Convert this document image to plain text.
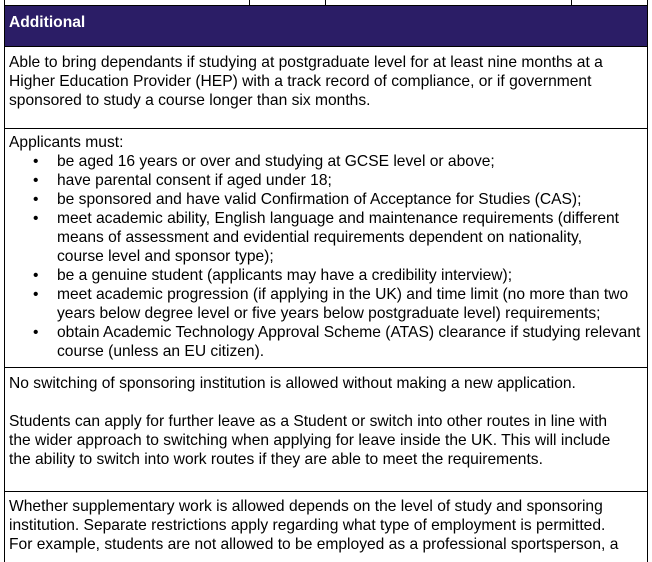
Additional
Able to bring dependants if studying at postgraduate level for at least nine months at a
Higher Education Provider (HEP) with a track record of compliance, or if government
sponsored to study a course longer than six months.
Applicants must:
• be aged 16 years or over and studying at GCSE level or above;
• have parental consent if aged under 18;
• be sponsored and have valid Confirmation of Acceptance for Studies (CAS);
• meet academic ability, English language and maintenance requirements (different
means of assessment and evidential requirements dependent on nationality,
course level and sponsor type);
• be a genuine student (applicants may have a credibility interview);
• meet academic progression (if applying in the UK) and time limit (no more than two
years below degree level or five years below postgraduate level) requirements;
• obtain Academic Technology Approval Scheme (ATAS) clearance if studying relevant
course (unless an EU citizen).
No switching of sponsoring institution is allowed without making a new application.
Students can apply for further leave as a Student or switch into other routes in line with
the wider approach to switching when applying for leave inside the UK. This will include
the ability to switch into work routes if they are able to meet the requirements.
Whether supplementary work is allowed depends on the level of study and sponsoring
institution. Separate restrictions apply regarding what type of employment is permitted.
For example, students are not allowed to be employed as a professional sportsperson, a
